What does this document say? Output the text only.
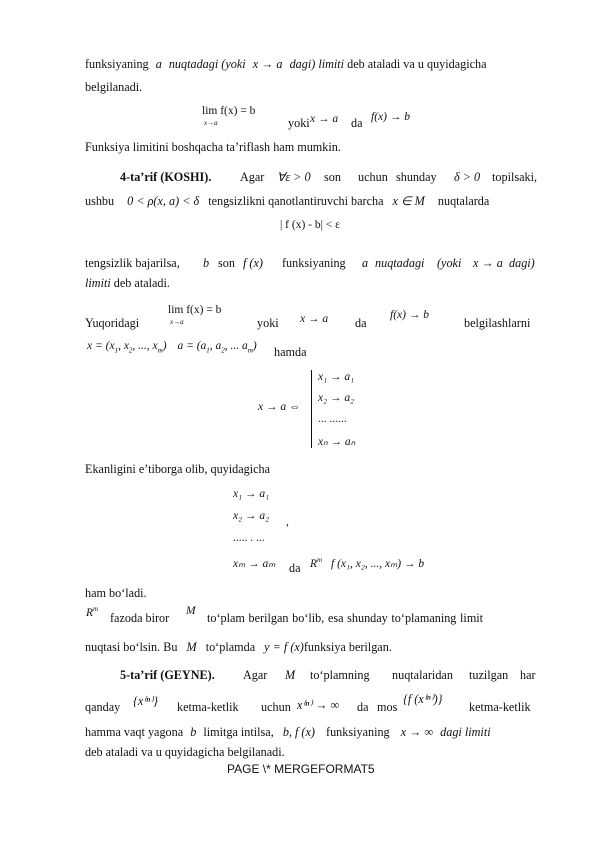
funksiyaning a nuqtadagi (yoki x → a dagi) limiti deb ataladi va u quyidagicha
belgilanadi.
lim f(x) = b
x→a	yoki x → a da f(x) → b
Funksiya limitini boshqacha ta’riflash ham mumkin.
4-ta’rif (KOSHI). Agar ∀ε > 0 son uchun shunday δ > 0 topilsaki,
ushbu 0 < ρ(x, a) < δ tengsizlikni qanotlantiruvchi barcha x ∈ M nuqtalarda
| f (x) - b| < ε
tengsizlik bajarilsa, b son f (x) funksiyaning a nuqtadagi (yoki x → a dagi)
limiti deb ataladi.
Yuqoridagi	yoki	da	belgilashlarni
lim f(x) = b
x→a	x → a	f(x) → b
$x = (x_1$, $x_2$, ..., $x_m$) $a = (a_1$, $a_2$, ... $a_m$) hamda
x → a ⇔
x₁ → a₁
x₂ → a₂
... ......
xₙ → aₙ
Ekanligini e’tiborga olib, quyidagicha
x₁ → a₁
x₂ → a₂ ,
..... . ...
xₘ → aₘ da $R^m$ f (x₁, x₂, ..., xₘ) → b
ham bo‘ladi.
$R^m$
fazoda biror M to‘plam berilgan bo‘lib, esa shunday to‘plamaning limit
nuqtasi bo‘lsin. Bu M to‘plamda y = f (x)funksiya berilgan.
5-ta’rif (GEYNE). Agar M to‘plamning nuqtalaridan tuzilgan har
qanday {x⁽ⁿ⁾} ketma-ketlik uchun x⁽ⁿ⁾ → ∞ da mos
{f (x⁽ⁿ⁾)}
ketma-ketlik
hamma vaqt yagona b limitga intilsa, b, f (x) funksiyaning x → ∞ dagi limiti
deb ataladi va u quyidagicha belgilanadi.
PAGE \* MERGEFORMAT5
